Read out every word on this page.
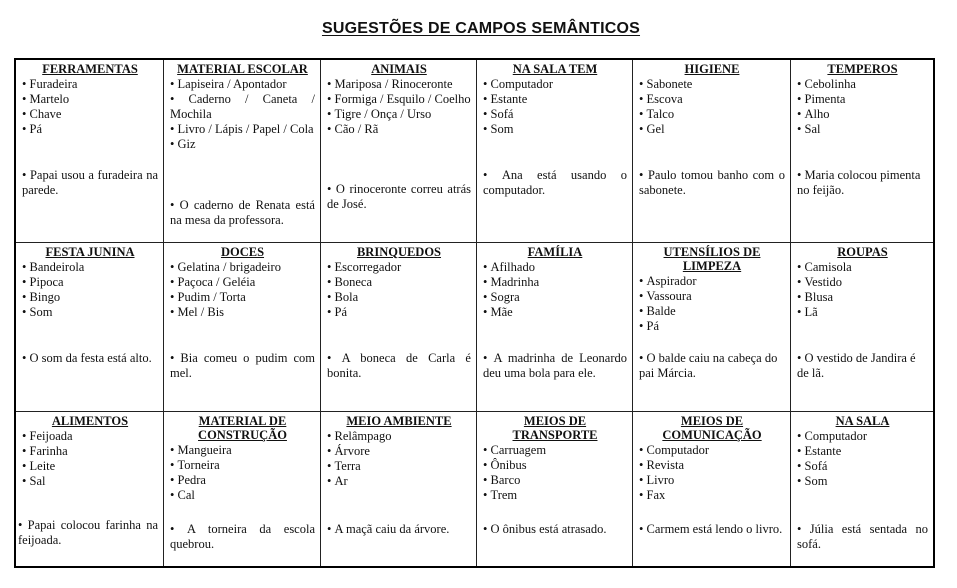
SUGESTÕES DE CAMPOS SEMÂNTICOS
FERRAMENTAS
• Furadeira
• Martelo
• Chave
• Pá
• Papai usou a furadeira na parede.
MATERIAL ESCOLAR
• Lapiseira / Apontador
• Caderno / Caneta / Mochila
• Livro / Lápis / Papel / Cola
• Giz
• O caderno de Renata está na mesa da professora.
ANIMAIS
• Mariposa / Rinoceronte
• Formiga / Esquilo / Coelho
• Tigre / Onça / Urso
• Cão / Rã
• O rinoceronte correu atrás de José.
NA SALA TEM
• Computador
• Estante
• Sofá
• Som
• Ana está usando o computador.
HIGIENE
• Sabonete
• Escova
• Talco
• Gel
• Paulo tomou banho com o sabonete.
TEMPEROS
• Cebolinha
• Pimenta
• Alho
• Sal
• Maria colocou pimenta no feijão.
FESTA JUNINA
• Bandeirola
• Pipoca
• Bingo
• Som
• O som da festa está alto.
DOCES
• Gelatina / brigadeiro
• Paçoca / Geléia
• Pudim / Torta
• Mel / Bis
• Bia comeu o pudim com mel.
BRINQUEDOS
• Escorregador
• Boneca
• Bola
• Pá
• A boneca de Carla é bonita.
FAMÍLIA
• Afilhado
• Madrinha
• Sogra
• Mãe
• A madrinha de Leonardo deu uma bola para ele.
UTENSÍLIOS DE LIMPEZA
• Aspirador
• Vassoura
• Balde
• Pá
• O balde caiu na cabeça do pai Márcia.
ROUPAS
• Camisola
• Vestido
• Blusa
• Lã
• O vestido de Jandira é de lã.
ALIMENTOS
• Feijoada
• Farinha
• Leite
• Sal
• Papai colocou farinha na feijoada.
MATERIAL DE CONSTRUÇÃO
• Mangueira
• Torneira
• Pedra
• Cal
• A torneira da escola quebrou.
MEIO AMBIENTE
• Relâmpago
• Árvore
• Terra
• Ar
• A maçã caiu da árvore.
MEIOS DE TRANSPORTE
• Carruagem
• Ônibus
• Barco
• Trem
• O ônibus está atrasado.
MEIOS DE COMUNICAÇÃO
• Computador
• Revista
• Livro
• Fax
• Carmem está lendo o livro.
NA SALA
• Computador
• Estante
• Sofá
• Som
• Júlia está sentada no sofá.
